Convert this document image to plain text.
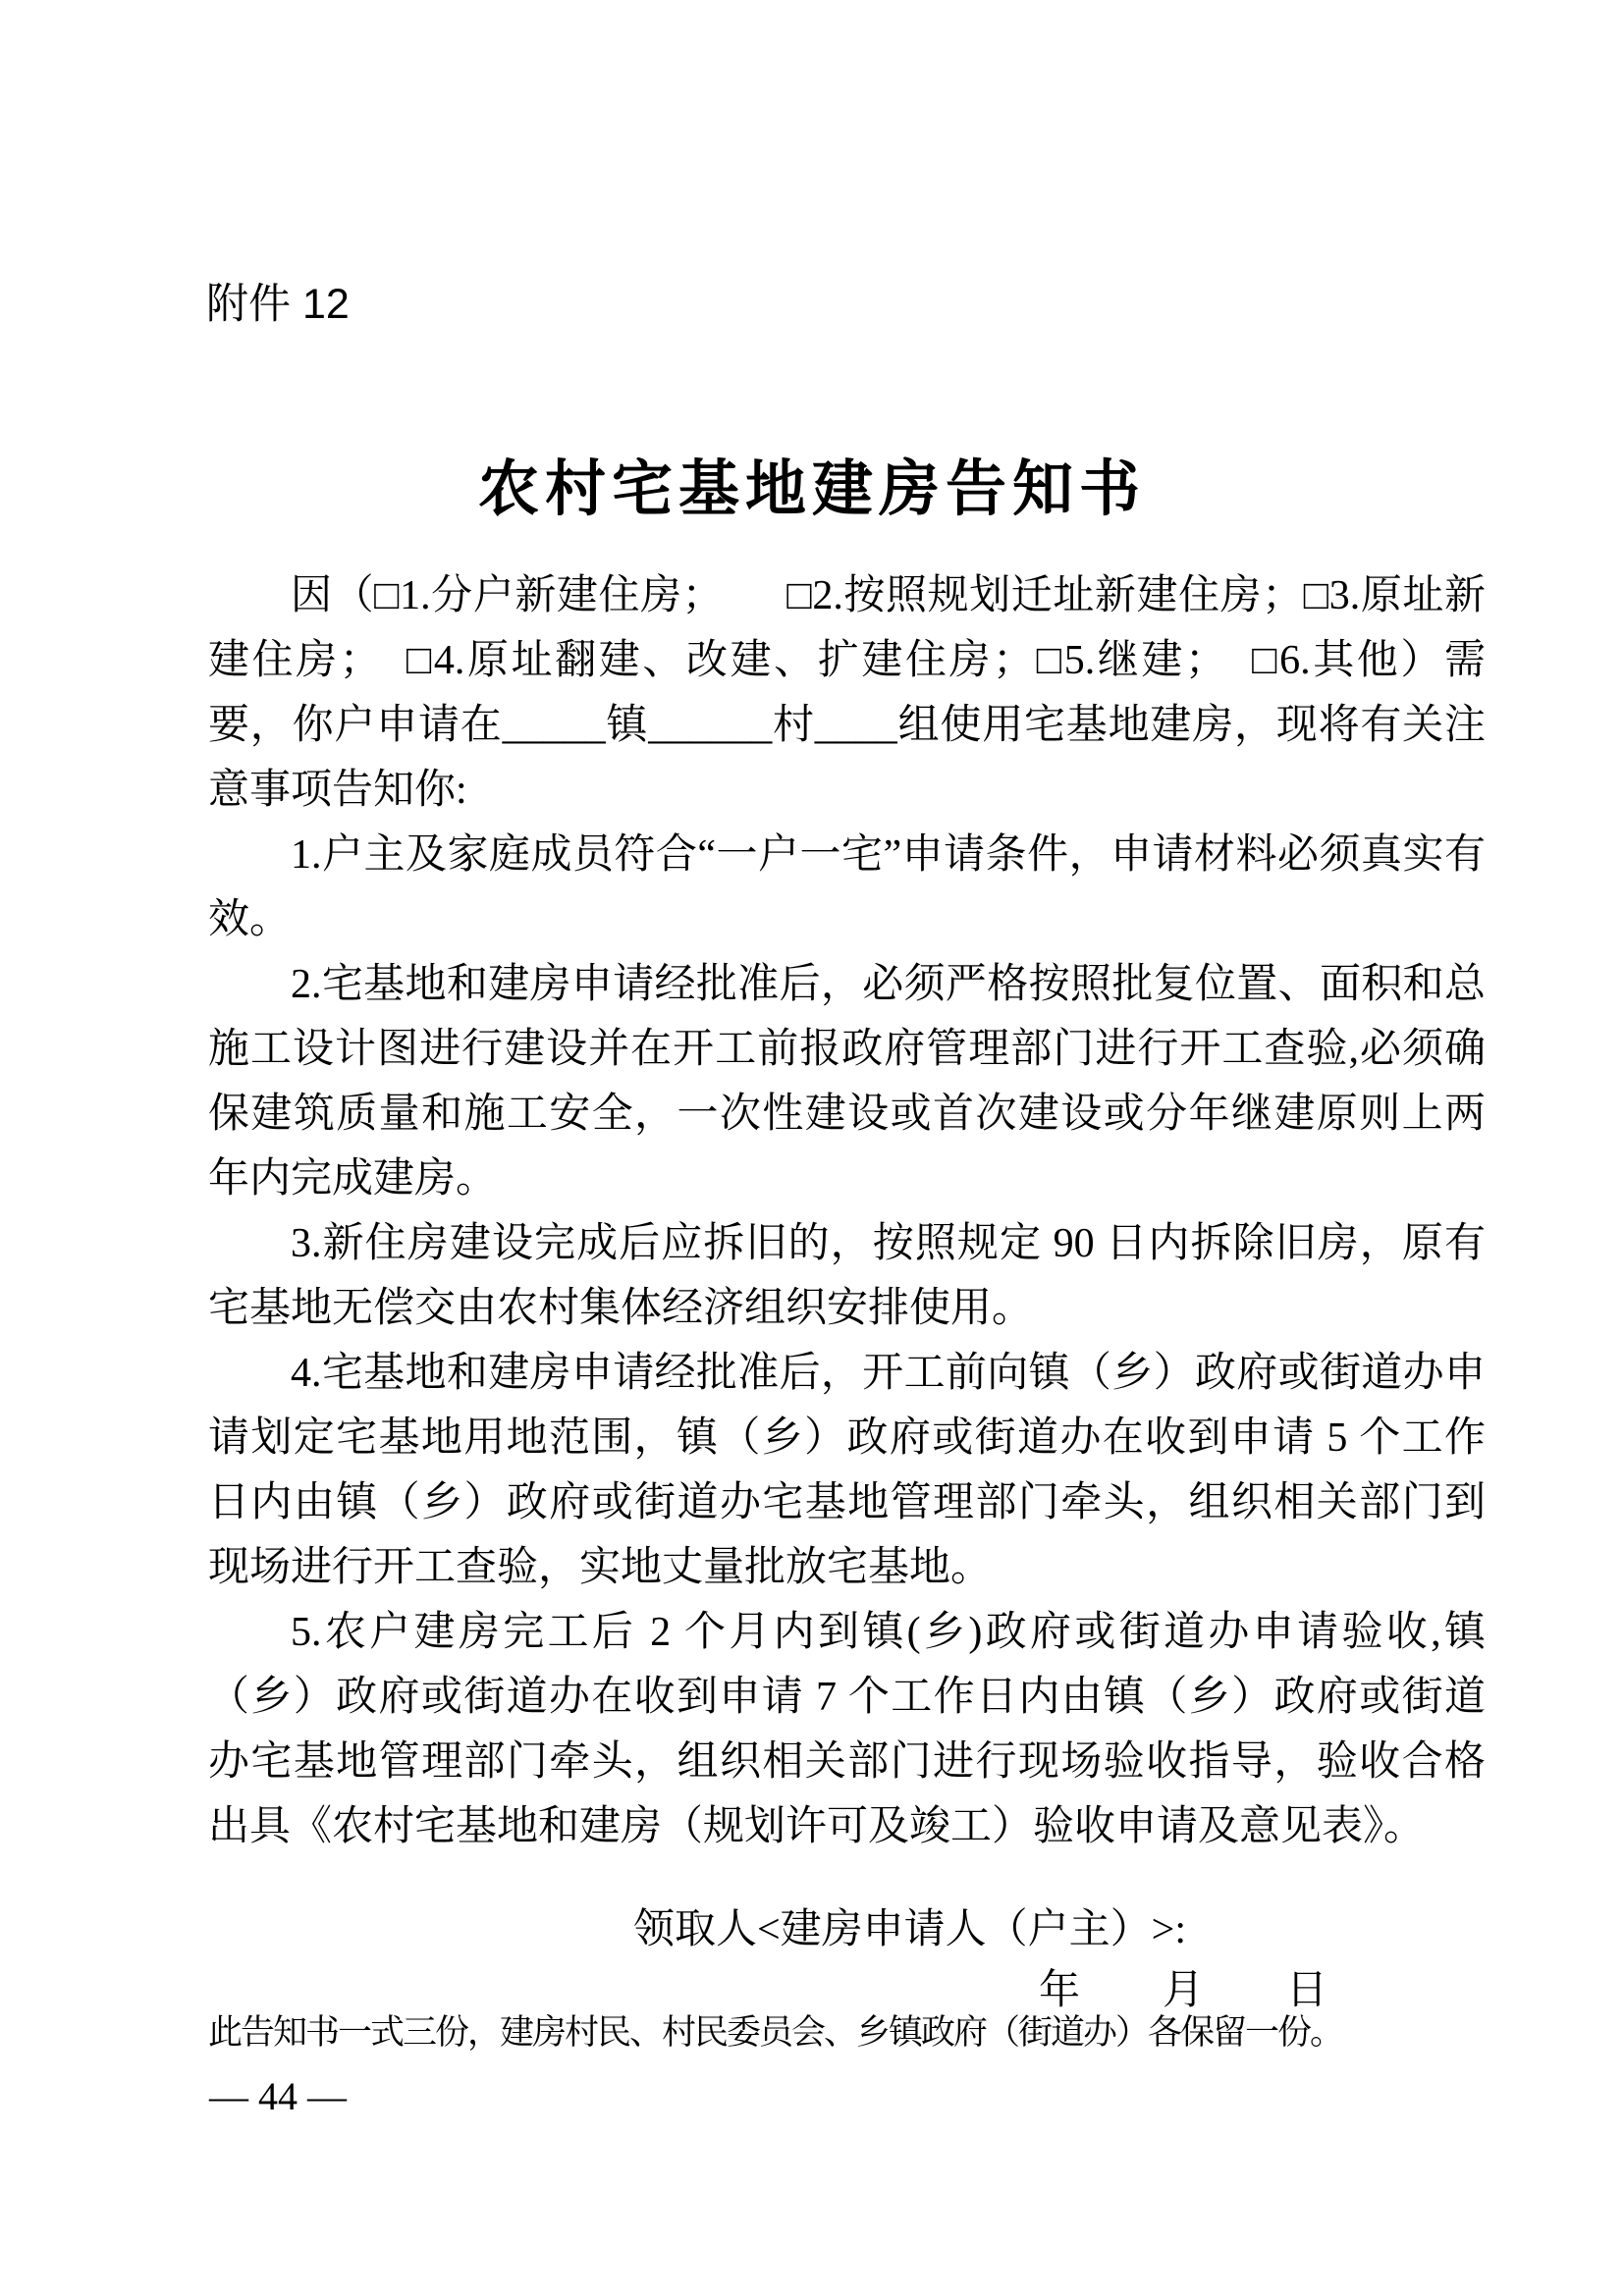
附件 12
农村宅基地建房告知书

因（□1.分户新建住房；　　□2.按照规划迁址新建住房；□3.原址新建住房；　□4.原址翻建、改建、扩建住房；□5.继建；　□6.其他）需要，你户申请在_____镇______村____组使用宅基地建房，现将有关注意事项告知你:

1.户主及家庭成员符合“一户一宅”申请条件，申请材料必须真实有效。

2.宅基地和建房申请经批准后，必须严格按照批复位置、面积和总施工设计图进行建设并在开工前报政府管理部门进行开工查验,必须确保建筑质量和施工安全，一次性建设或首次建设或分年继建原则上两年内完成建房。

3.新住房建设完成后应拆旧的，按照规定 90 日内拆除旧房，原有宅基地无偿交由农村集体经济组织安排使用。

4.宅基地和建房申请经批准后，开工前向镇（乡）政府或街道办申请划定宅基地用地范围，镇（乡）政府或街道办在收到申请 5 个工作日内由镇（乡）政府或街道办宅基地管理部门牵头，组织相关部门到现场进行开工查验，实地丈量批放宅基地。

5.农户建房完工后 2 个月内到镇(乡)政府或街道办申请验收,镇（乡）政府或街道办在收到申请 7 个工作日内由镇（乡）政府或街道办宅基地管理部门牵头，组织相关部门进行现场验收指导，验收合格出具《农村宅基地和建房（规划许可及竣工）验收申请及意见表》。

领取人<建房申请人（户主）>:
年　　月　　日
此告知书一式三份，建房村民、村民委员会、乡镇政府（街道办）各保留一份。
— 44 —
